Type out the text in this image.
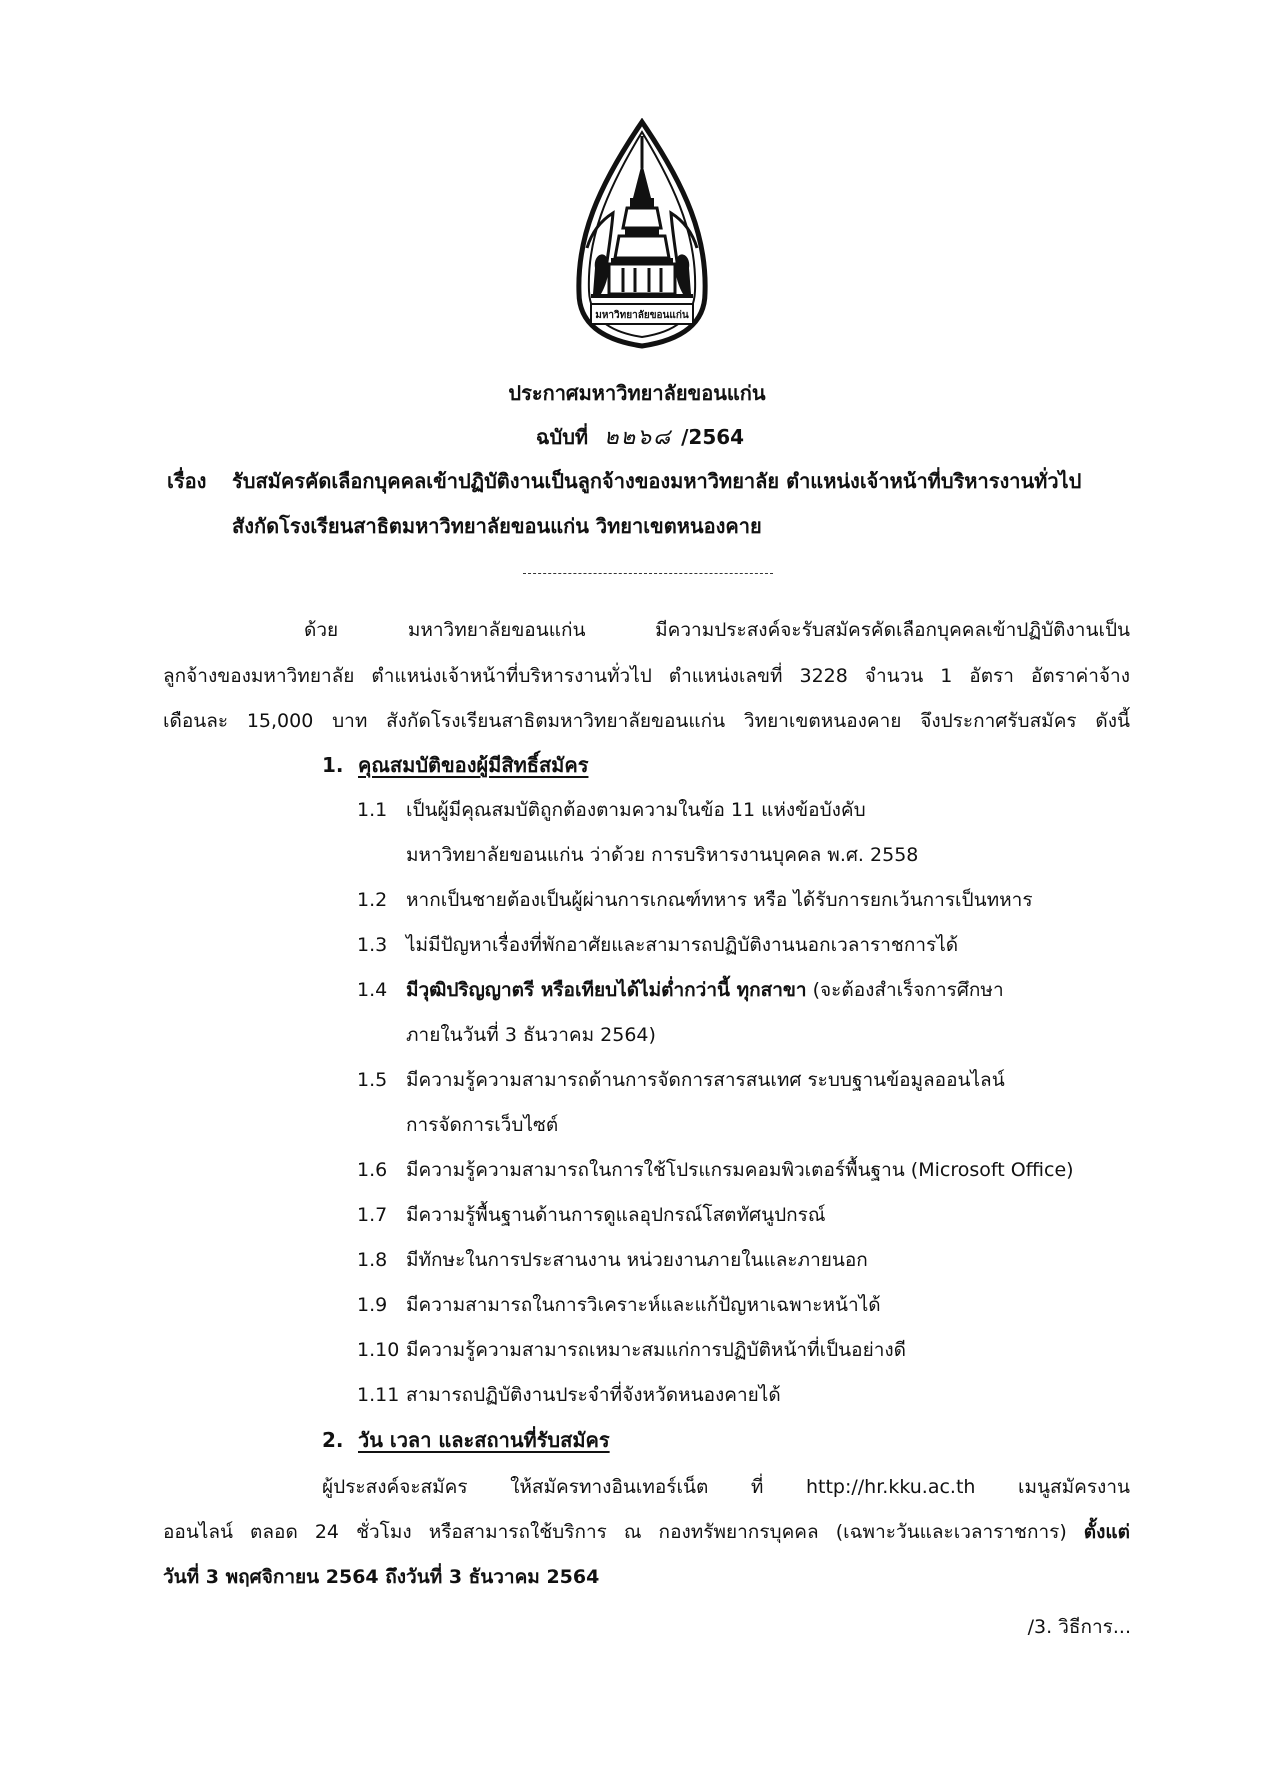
มหาวิทยาลัยขอนแก่น
ประกาศมหาวิทยาลัยขอนแก่น
ฉบับที่ ๒๒๖๘ /2564
เรื่อง รับสมัครคัดเลือกบุคคลเข้าปฏิบัติงานเป็นลูกจ้างของมหาวิทยาลัย ตำแหน่งเจ้าหน้าที่บริหารงานทั่วไป
สังกัดโรงเรียนสาธิตมหาวิทยาลัยขอนแก่น วิทยาเขตหนองคาย
ด้วย มหาวิทยาลัยขอนแก่น มีความประสงค์จะรับสมัครคัดเลือกบุคคลเข้าปฏิบัติงานเป็น
ลูกจ้างของมหาวิทยาลัย ตำแหน่งเจ้าหน้าที่บริหารงานทั่วไป ตำแหน่งเลขที่ 3228 จำนวน 1 อัตรา อัตราค่าจ้าง
เดือนละ 15,000 บาท สังกัดโรงเรียนสาธิตมหาวิทยาลัยขอนแก่น วิทยาเขตหนองคาย จึงประกาศรับสมัคร ดังนี้
1. คุณสมบัติของผู้มีสิทธิ์สมัคร
1.1 เป็นผู้มีคุณสมบัติถูกต้องตามความในข้อ 11 แห่งข้อบังคับ
มหาวิทยาลัยขอนแก่น ว่าด้วย การบริหารงานบุคคล พ.ศ. 2558
1.2 หากเป็นชายต้องเป็นผู้ผ่านการเกณฑ์ทหาร หรือ ได้รับการยกเว้นการเป็นทหาร
1.3 ไม่มีปัญหาเรื่องที่พักอาศัยและสามารถปฏิบัติงานนอกเวลาราชการได้
1.4 มีวุฒิปริญญาตรี หรือเทียบได้ไม่ต่ำกว่านี้ ทุกสาขา (จะต้องสำเร็จการศึกษา
ภายในวันที่ 3 ธันวาคม 2564)
1.5 มีความรู้ความสามารถด้านการจัดการสารสนเทศ ระบบฐานข้อมูลออนไลน์
การจัดการเว็บไซต์
1.6 มีความรู้ความสามารถในการใช้โปรแกรมคอมพิวเตอร์พื้นฐาน (Microsoft Office)
1.7 มีความรู้พื้นฐานด้านการดูแลอุปกรณ์โสตทัศนูปกรณ์
1.8 มีทักษะในการประสานงาน หน่วยงานภายในและภายนอก
1.9 มีความสามารถในการวิเคราะห์และแก้ปัญหาเฉพาะหน้าได้
1.10 มีความรู้ความสามารถเหมาะสมแก่การปฏิบัติหน้าที่เป็นอย่างดี
1.11 สามารถปฏิบัติงานประจำที่จังหวัดหนองคายได้
2. วัน เวลา และสถานที่รับสมัคร
ผู้ประสงค์จะสมัคร ให้สมัครทางอินเทอร์เน็ต ที่ http://hr.kku.ac.th เมนูสมัครงาน
ออนไลน์ ตลอด 24 ชั่วโมง หรือสามารถใช้บริการ ณ กองทรัพยากรบุคคล (เฉพาะวันและเวลาราชการ) ตั้งแต่
วันที่ 3 พฤศจิกายน 2564 ถึงวันที่ 3 ธันวาคม 2564
/3. วิธีการ...
